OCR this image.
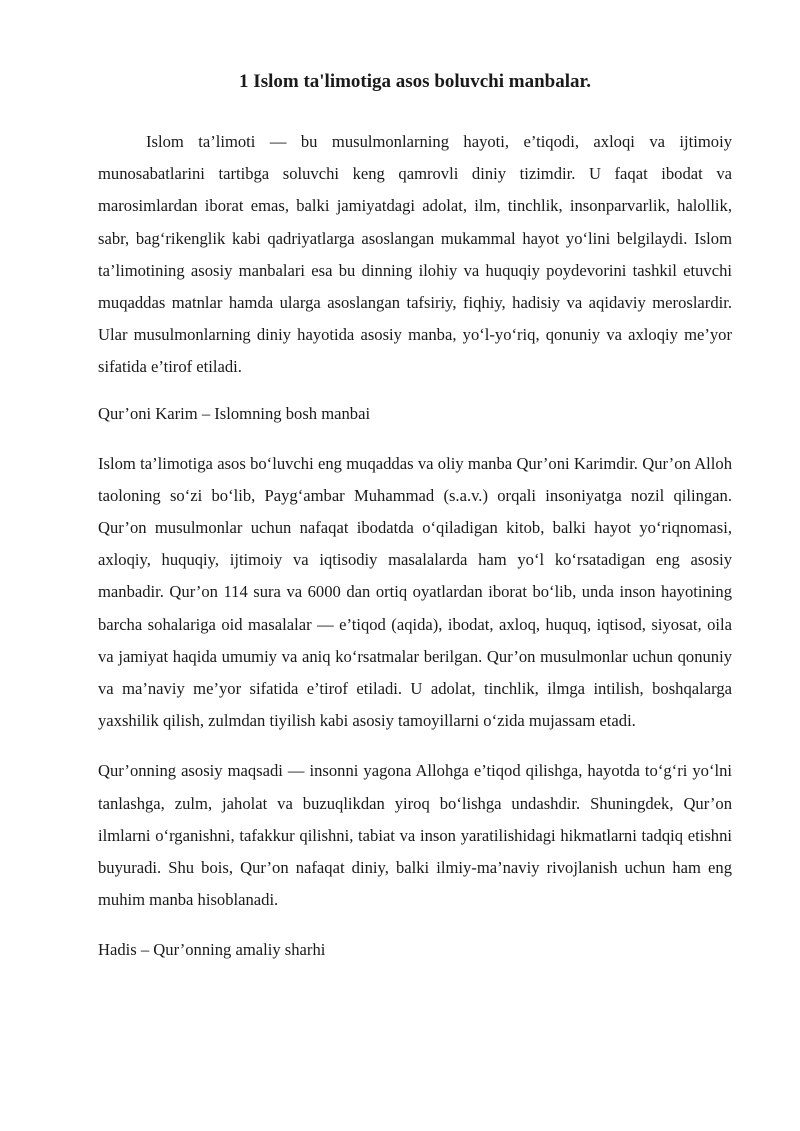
1 Islom ta'limotiga asos boluvchi manbalar.

Islom ta’limoti — bu musulmonlarning hayoti, e’tiqodi, axloqi va ijtimoiy munosabatlarini tartibga soluvchi keng qamrovli diniy tizimdir. U faqat ibodat va marosimlardan iborat emas, balki jamiyatdagi adolat, ilm, tinchlik, insonparvarlik, halollik, sabr, bag‘rikenglik kabi qadriyatlarga asoslangan mukammal hayot yo‘lini belgilaydi. Islom ta’limotining asosiy manbalari esa bu dinning ilohiy va huquqiy poydevorini tashkil etuvchi muqaddas matnlar hamda ularga asoslangan tafsiriy, fiqhiy, hadisiy va aqidaviy meroslardir. Ular musulmonlarning diniy hayotida asosiy manba, yo‘l-yo‘riq, qonuniy va axloqiy me’yor sifatida e’tirof etiladi.

Qur’oni Karim – Islomning bosh manbai

Islom ta’limotiga asos bo‘luvchi eng muqaddas va oliy manba Qur’oni Karimdir. Qur’on Alloh taoloning so‘zi bo‘lib, Payg‘ambar Muhammad (s.a.v.) orqali insoniyatga nozil qilingan. Qur’on musulmonlar uchun nafaqat ibodatda o‘qiladigan kitob, balki hayot yo‘riqnomasi, axloqiy, huquqiy, ijtimoiy va iqtisodiy masalalarda ham yo‘l ko‘rsatadigan eng asosiy manbadir. Qur’on 114 sura va 6000 dan ortiq oyatlardan iborat bo‘lib, unda inson hayotining barcha sohalariga oid masalalar — e’tiqod (aqida), ibodat, axloq, huquq, iqtisod, siyosat, oila va jamiyat haqida umumiy va aniq ko‘rsatmalar berilgan. Qur’on musulmonlar uchun qonuniy va ma’naviy me’yor sifatida e’tirof etiladi. U adolat, tinchlik, ilmga intilish, boshqalarga yaxshilik qilish, zulmdan tiyilish kabi asosiy tamoyillarni o‘zida mujassam etadi.

Qur’onning asosiy maqsadi — insonni yagona Allohga e’tiqod qilishga, hayotda to‘g‘ri yo‘lni tanlashga, zulm, jaholat va buzuqlikdan yiroq bo‘lishga undashdir. Shuningdek, Qur’on ilmlarni o‘rganishni, tafakkur qilishni, tabiat va inson yaratilishidagi hikmatlarni tadqiq etishni buyuradi. Shu bois, Qur’on nafaqat diniy, balki ilmiy-ma’naviy rivojlanish uchun ham eng muhim manba hisoblanadi.

Hadis – Qur’onning amaliy sharhi
